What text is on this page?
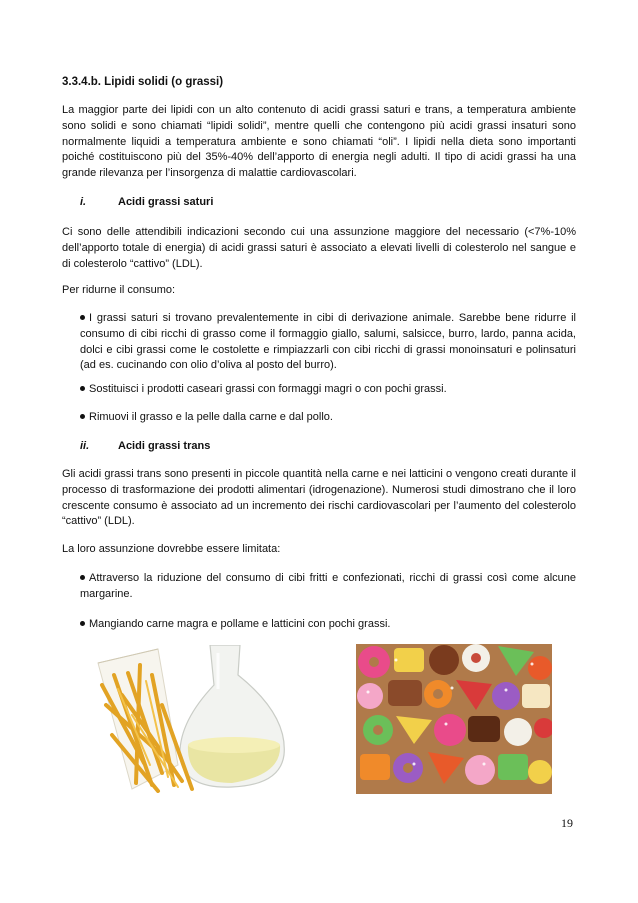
3.3.4.b. Lipidi solidi (o grassi)

La maggior parte dei lipidi con un alto contenuto di acidi grassi saturi e trans, a temperatura ambiente sono solidi e sono chiamati “lipidi solidi”, mentre quelli che contengono più acidi grassi insaturi sono normalmente liquidi a temperatura ambiente e sono chiamati “oli”. I lipidi nella dieta sono importanti poiché costituiscono più del 35%-40% dell’apporto di energia negli adulti. Il tipo di acidi grassi ha una grande rilevanza per l’insorgenza di malattie cardiovascolari.

i.	Acidi grassi saturi

Ci sono delle attendibili indicazioni secondo cui una assunzione maggiore del necessario (<7%-10% dell’apporto totale di energia) di acidi grassi saturi è associato a elevati livelli di colesterolo nel sangue e di colesterolo “cattivo” (LDL).

Per ridurne il consumo:
I grassi saturi si trovano prevalentemente in cibi di derivazione animale. Sarebbe bene ridurre il consumo di cibi ricchi di grasso come il formaggio giallo, salumi, salsicce, burro, lardo, panna acida, dolci e cibi grassi come le costolette e rimpiazzarli con cibi ricchi di grassi monoinsaturi e polinsaturi (ad es. cucinando con olio d’oliva al posto del burro).
Sostituisci i prodotti caseari grassi con formaggi magri o con pochi grassi.
Rimuovi il grasso e la pelle dalla carne e dal pollo.
ii.	Acidi grassi trans

Gli acidi grassi trans sono presenti in piccole quantità nella carne e nei latticini o vengono creati durante il processo di trasformazione dei prodotti alimentari (idrogenazione). Numerosi studi dimostrano che il loro crescente consumo è associato ad un incremento dei rischi cardiovascolari per l’aumento del colesterolo “cattivo” (LDL).

La loro assunzione dovrebbe essere limitata:
Attraverso la riduzione del consumo di cibi fritti e confezionati, ricchi di grassi così come alcune margarine.
Mangiando carne magra e pollame e latticini con pochi grassi.
19
